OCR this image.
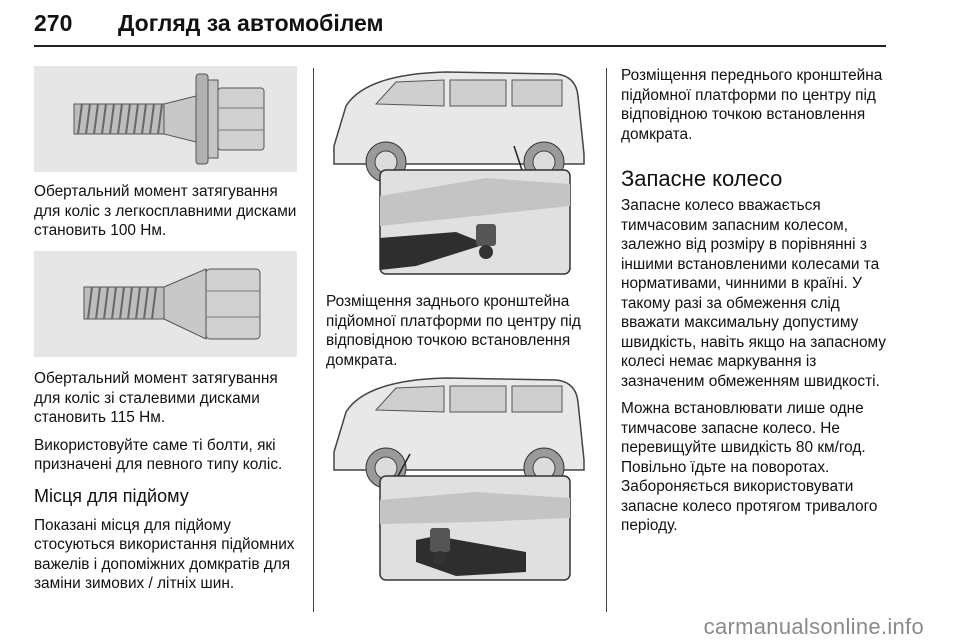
270 Догляд за автомобілем

Обертальний момент затягування для коліс з легкосплавними дисками становить 100 Нм.

Обертальний момент затягування для коліс зі сталевими дисками становить 115 Нм.

Використовуйте саме ті болти, які призначені для певного типу коліс.

Місця для підйому

Показані місця для підйому стосуються використання підйомних важелів і допоміжних домкратів для заміни зимових / літніх шин.

Розміщення заднього кронштейна підйомної платформи по центру під відповідною точкою встановлення домкрата.

Розміщення переднього кронштейна підйомної платформи по центру під відповідною точкою встановлення домкрата.

Запасне колесо

Запасне колесо вважається тимчасовим запасним колесом, залежно від розміру в порівнянні з іншими встановленими колесами та нормативами, чинними в країні. У такому разі за обмеження слід вважати максимальну допустиму швидкість, навіть якщо на запасному колесі немає маркування із зазначеним обмеженням швидкості.

Можна встановлювати лише одне тимчасове запасне колесо. Не перевищуйте швидкість 80 км/год. Повільно їдьте на поворотах. Забороняється використовувати запасне колесо протягом тривалого періоду.

carmanualsonline.info
